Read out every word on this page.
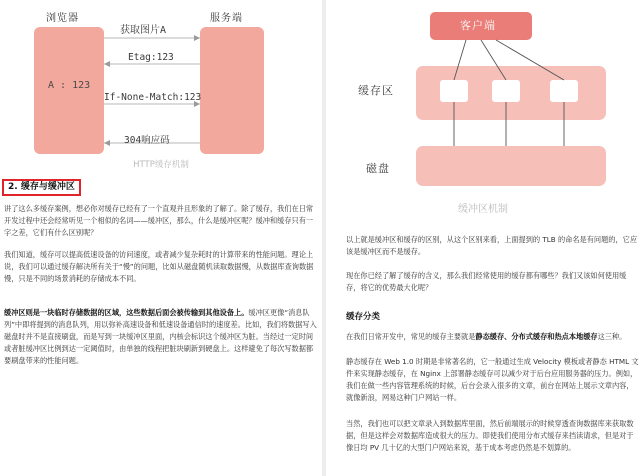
浏览器	服务端
获取图片A
Etag:123
A : 123
If-None-Match:123
304响应码
HTTP缓存机制
客户端
缓存区
磁盘
缓冲区机制
2. 缓存与缓冲区
讲了这么多缓存案例，想必你对缓存已经有了一个直观并且形象的了解了。除了缓存，我们在日常开发过程中还会经常听见一个相似的名词——缓冲区，那么，什么是缓冲区呢？缓冲和缓存只有一字之差，它们有什么区别呢？
我们知道，缓存可以提高低速设备的访问速度，或者减少复杂耗时的计算带来的性能问题。理论上说，我们可以通过缓存解决所有关于“慢”的问题，比如从磁盘随机读取数据慢，从数据库查询数据慢，只是不同的场景消耗的存储成本不同。
缓冲区则是一块临时存储数据的区域，这些数据后面会被传输到其他设备上。缓冲区更像“消息队列”中即将提到的消息队列，用以弥补高速设备和低速设备通信时的速度差。比如，我们将数据写入磁盘时并不是直接刷盘，而是写到一块缓冲区里面，内核会标识这个缓冲区为脏。当经过一定时间或者脏缓冲区比例到达一定阈值时，由单独的线程把脏块刷新到硬盘上。这样避免了每次写数据都要刷盘带来的性能问题。
以上就是缓冲区和缓存的区别，从这个区别来看，上面提到的 TLB 的命名是有问题的，它应该是缓冲区而不是缓存。
现在你已经了解了缓存的含义，那么我们经常使用的缓存都有哪些？我们又该如何使用缓存，将它的优势最大化呢？
缓存分类
在我们日常开发中，常见的缓存主要就是静态缓存、分布式缓存和热点本地缓存这三种。
静态缓存在 Web 1.0 时期是非常著名的，它一般通过生成 Velocity 模板或者静态 HTML 文件来实现静态缓存，在 Nginx 上部署静态缓存可以减少对于后台应用服务器的压力。例如，我们在做一些内容管理系统的时候，后台会录入很多的文章，前台在网站上展示文章内容，就像新浪，网易这种门户网站一样。
当然，我们也可以把文章录入到数据库里面，然后前端展示的时候穿透查询数据库来获取数据，但是这样会对数据库造成很大的压力。即使我们使用分布式缓存来挡读请求，但是对于像日均 PV 几十亿的大型门户网站来说，基于成本考虑仍然是不划算的。
